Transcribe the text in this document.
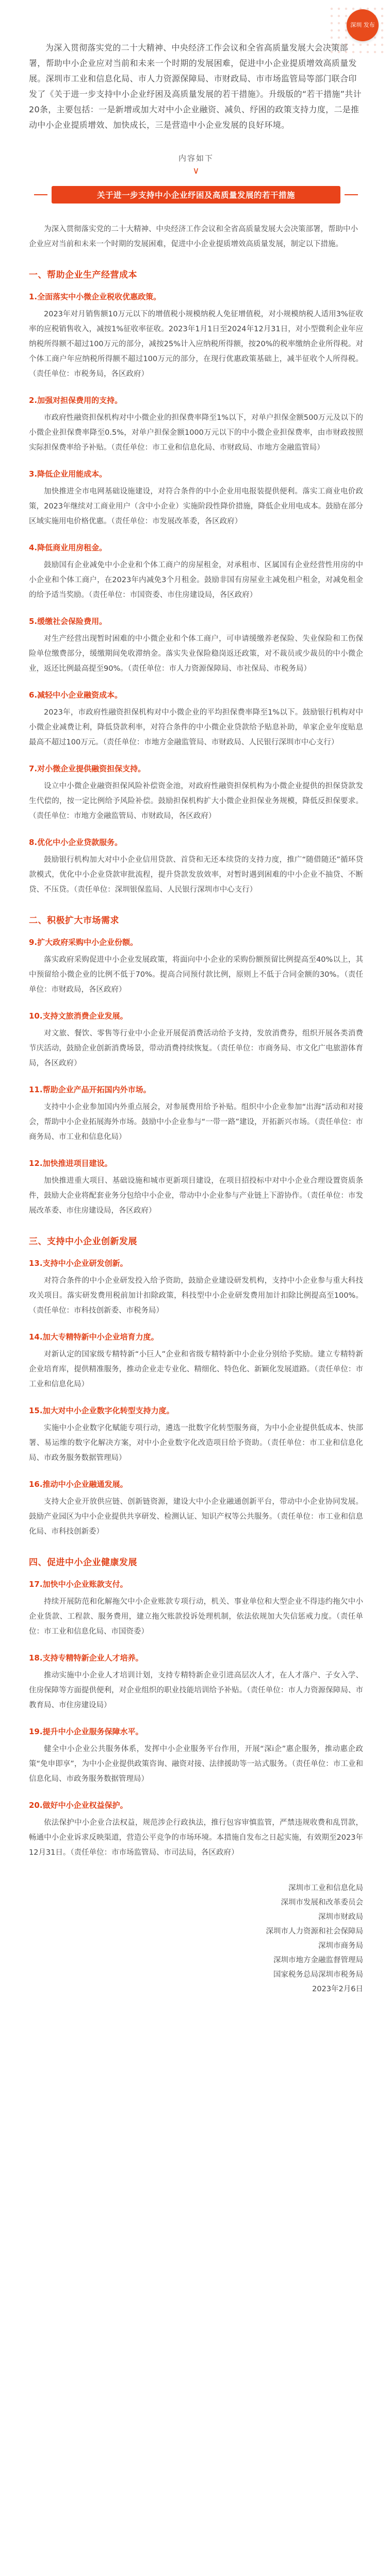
深圳 发布

为深入贯彻落实党的二十大精神、中央经济工作会议和全省高质量发展大会决策部署，帮助中小企业应对当前和未来一个时期的发展困难，促进中小企业提质增效高质量发展。深圳市工业和信息化局、市人力资源保障局、市财政局、市市场监管局等部门联合印发了《关于进一步支持中小企业纾困及高质量发展的若干措施》。升级版的“若干措施”共计20条，主要包括：一是新增或加大对中小企业融资、减负、纾困的政策支持力度，二是推动中小企业提质增效、加快成长，三是营造中小企业发展的良好环境。

内容如下
∨
关于进一步支持中小企业纾困及高质量发展的若干措施

为深入贯彻落实党的二十大精神、中央经济工作会议和全省高质量发展大会决策部署，帮助中小企业应对当前和未来一个时期的发展困难，促进中小企业提质增效高质量发展，制定以下措施。

一、帮助企业生产经营成本
1.全面落实中小微企业税收优惠政策。
2023年对月销售额10万元以下的增值税小规模纳税人免征增值税，对小规模纳税人适用3%征收率的应税销售收入，减按1%征收率征收。2023年1月1日至2024年12月31日，对小型微利企业年应纳税所得额不超过100万元的部分，减按25%计入应纳税所得额，按20%的税率缴纳企业所得税。对个体工商户年应纳税所得额不超过100万元的部分，在现行优惠政策基础上，减半征收个人所得税。（责任单位：市税务局，各区政府）
2.加强对担保费用的支持。
市政府性融资担保机构对中小微企业的担保费率降至1%以下，对单户担保金额500万元及以下的小微企业担保费率降至0.5%，对单户担保金额1000万元以下的中小微企业担保费率，由市财政按照实际担保费率给予补贴。（责任单位：市工业和信息化局、市财政局、市地方金融监管局）
3.降低企业用能成本。
加快推进全市电网基础设施建设，对符合条件的中小企业用电报装提供便利。落实工商业电价政策，2023年继续对工商业用户（含中小企业）实施阶段性降价措施，降低企业用电成本。鼓励在部分区域实施用电价格优惠。（责任单位：市发展改革委，各区政府）
4.降低商业用房租金。
鼓励国有企业减免中小企业和个体工商户的房屋租金，对承租市、区属国有企业经营性用房的中小企业和个体工商户，在2023年内减免3个月租金。鼓励非国有房屋业主减免租户租金，对减免租金的给予适当奖励。（责任单位：市国资委、市住房建设局，各区政府）
5.缓缴社会保险费用。
对生产经营出现暂时困难的中小微企业和个体工商户，可申请缓缴养老保险、失业保险和工伤保险单位缴费部分，缓缴期间免收滞纳金。落实失业保险稳岗返还政策，对不裁员或少裁员的中小微企业，返还比例最高提至90%。（责任单位：市人力资源保障局、市社保局、市税务局）
6.减轻中小企业融资成本。
2023年，市政府性融资担保机构对中小微企业的平均担保费率降至1%以下。鼓励银行机构对中小微企业减费让利，降低贷款利率，对符合条件的中小微企业贷款给予贴息补助，单家企业年度贴息最高不超过100万元。（责任单位：市地方金融监管局、市财政局、人民银行深圳市中心支行）
7.对小微企业提供融资担保支持。
设立中小微企业融资担保风险补偿资金池，对政府性融资担保机构为小微企业提供的担保贷款发生代偿的，按一定比例给予风险补偿。鼓励担保机构扩大小微企业担保业务规模，降低反担保要求。（责任单位：市地方金融监管局、市财政局，各区政府）
8.优化中小企业贷款服务。
鼓励银行机构加大对中小企业信用贷款、首贷和无还本续贷的支持力度，推广“随借随还”循环贷款模式，优化中小企业贷款审批流程，提升贷款发放效率，对暂时遇到困难的中小企业不抽贷、不断贷、不压贷。（责任单位：深圳银保监局、人民银行深圳市中心支行）
二、积极扩大市场需求
9.扩大政府采购中小企业份额。
落实政府采购促进中小企业发展政策，将面向中小企业的采购份额预留比例提高至40%以上，其中预留给小微企业的比例不低于70%。提高合同预付款比例，原则上不低于合同金额的30%。（责任单位：市财政局，各区政府）
10.支持文旅消费企业发展。
对文旅、餐饮、零售等行业中小企业开展促消费活动给予支持，发放消费券，组织开展各类消费节庆活动，鼓励企业创新消费场景，带动消费持续恢复。（责任单位：市商务局、市文化广电旅游体育局，各区政府）
11.帮助企业产品开拓国内外市场。
支持中小企业参加国内外重点展会，对参展费用给予补贴。组织中小企业参加“出海”活动和对接会，帮助中小企业拓展海外市场。鼓励中小企业参与“一带一路”建设，开拓新兴市场。（责任单位：市商务局、市工业和信息化局）
12.加快推进项目建设。
加快推进重大项目、基础设施和城市更新项目建设，在项目招投标中对中小企业合理设置资质条件，鼓励大企业将配套业务分包给中小企业，带动中小企业参与产业链上下游协作。（责任单位：市发展改革委、市住房建设局，各区政府）
三、支持中小企业创新发展
13.支持中小企业研发创新。
对符合条件的中小企业研发投入给予资助，鼓励企业建设研发机构，支持中小企业参与重大科技攻关项目。落实研发费用税前加计扣除政策，科技型中小企业研发费用加计扣除比例提高至100%。（责任单位：市科技创新委、市税务局）
14.加大专精特新中小企业培育力度。
对新认定的国家级专精特新“小巨人”企业和省级专精特新中小企业分别给予奖励。建立专精特新企业培育库，提供精准服务，推动企业走专业化、精细化、特色化、新颖化发展道路。（责任单位：市工业和信息化局）
15.加大对中小企业数字化转型支持力度。
实施中小企业数字化赋能专项行动，遴选一批数字化转型服务商，为中小企业提供低成本、快部署、易运维的数字化解决方案，对中小企业数字化改造项目给予资助。（责任单位：市工业和信息化局、市政务服务数据管理局）
16.推动中小企业融通发展。
支持大企业开放供应链、创新链资源，建设大中小企业融通创新平台，带动中小企业协同发展。鼓励产业园区为中小企业提供共享研发、检测认证、知识产权等公共服务。（责任单位：市工业和信息化局、市科技创新委）
四、促进中小企业健康发展
17.加快中小企业账款支付。
持续开展防范和化解拖欠中小企业账款专项行动，机关、事业单位和大型企业不得违约拖欠中小企业货款、工程款、服务费用，建立拖欠账款投诉处理机制，依法依规加大失信惩戒力度。（责任单位：市工业和信息化局、市国资委）
18.支持专精特新企业人才培养。
推动实施中小企业人才培训计划，支持专精特新企业引进高层次人才，在人才落户、子女入学、住房保障等方面提供便利，对企业组织的职业技能培训给予补贴。（责任单位：市人力资源保障局、市教育局、市住房建设局）
19.提升中小企业服务保障水平。
健全中小企业公共服务体系，发挥中小企业服务平台作用，开展“深i企”惠企服务，推动惠企政策“免申即享”，为中小企业提供政策咨询、融资对接、法律援助等一站式服务。（责任单位：市工业和信息化局、市政务服务数据管理局）
20.做好中小企业权益保护。
依法保护中小企业合法权益，规范涉企行政执法，推行包容审慎监管，严禁违规收费和乱罚款，畅通中小企业诉求反映渠道，营造公平竞争的市场环境。本措施自发布之日起实施，有效期至2023年12月31日。（责任单位：市市场监管局、市司法局，各区政府）
深圳市工业和信息化局
深圳市发展和改革委员会
深圳市财政局
深圳市人力资源和社会保障局
深圳市商务局
深圳市地方金融监督管理局
国家税务总局深圳市税务局
2023年2月6日
